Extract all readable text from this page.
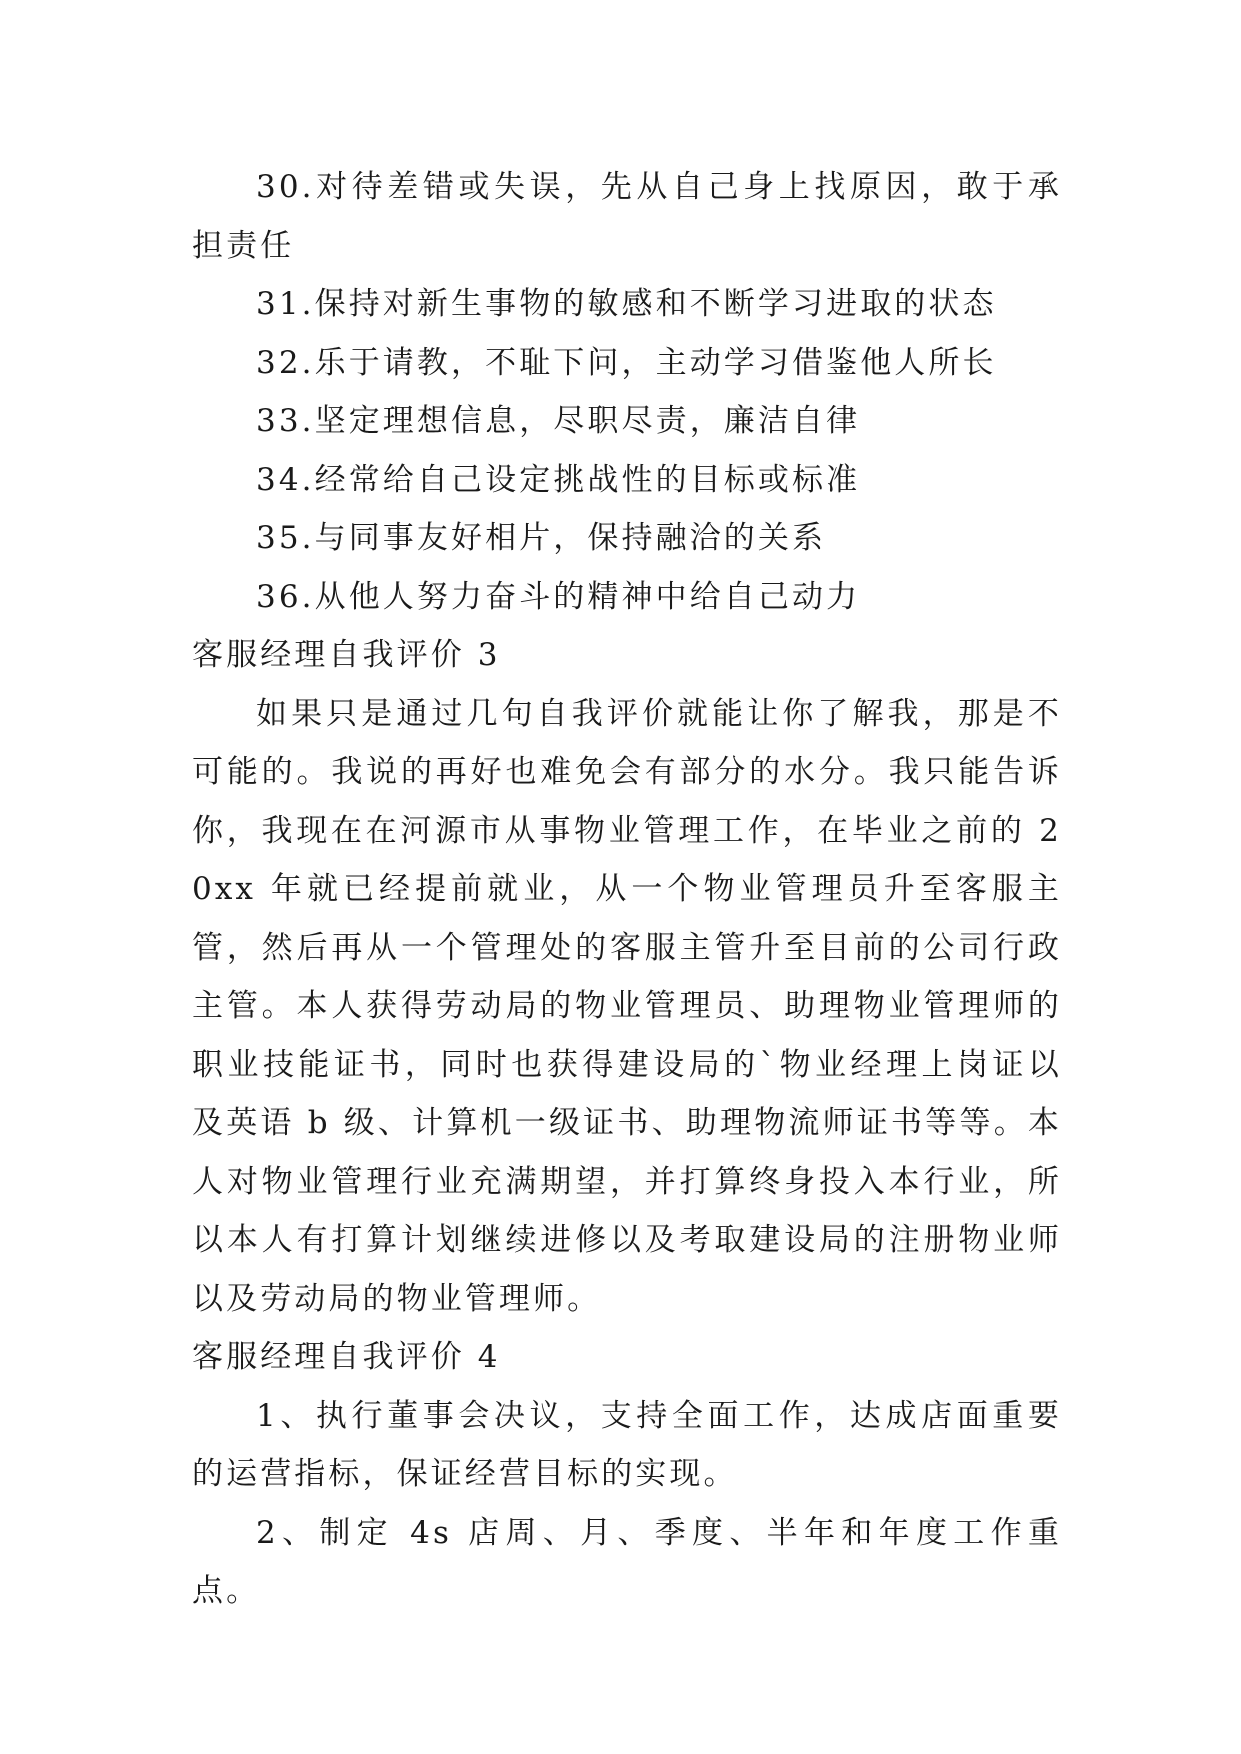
30.对待差错或失误，先从自己身上找原因，敢于承担责任

31.保持对新生事物的敏感和不断学习进取的状态

32.乐于请教，不耻下问，主动学习借鉴他人所长

33.坚定理想信息，尽职尽责，廉洁自律

34.经常给自己设定挑战性的目标或标准

35.与同事友好相片，保持融洽的关系

36.从他人努力奋斗的精神中给自己动力

客服经理自我评价 3

如果只是通过几句自我评价就能让你了解我，那是不可能的。我说的再好也难免会有部分的水分。我只能告诉你，我现在在河源市从事物业管理工作，在毕业之前的 20xx 年就已经提前就业，从一个物业管理员升至客服主管，然后再从一个管理处的客服主管升至目前的公司行政主管。本人获得劳动局的物业管理员、助理物业管理师的职业技能证书，同时也获得建设局的`物业经理上岗证以及英语 b 级、计算机一级证书、助理物流师证书等等。本人对物业管理行业充满期望，并打算终身投入本行业，所以本人有打算计划继续进修以及考取建设局的注册物业师以及劳动局的物业管理师。

客服经理自我评价 4

1、执行董事会决议，支持全面工作，达成店面重要的运营指标，保证经营目标的实现。

2、制定 4s 店周、月、季度、半年和年度工作重点。
